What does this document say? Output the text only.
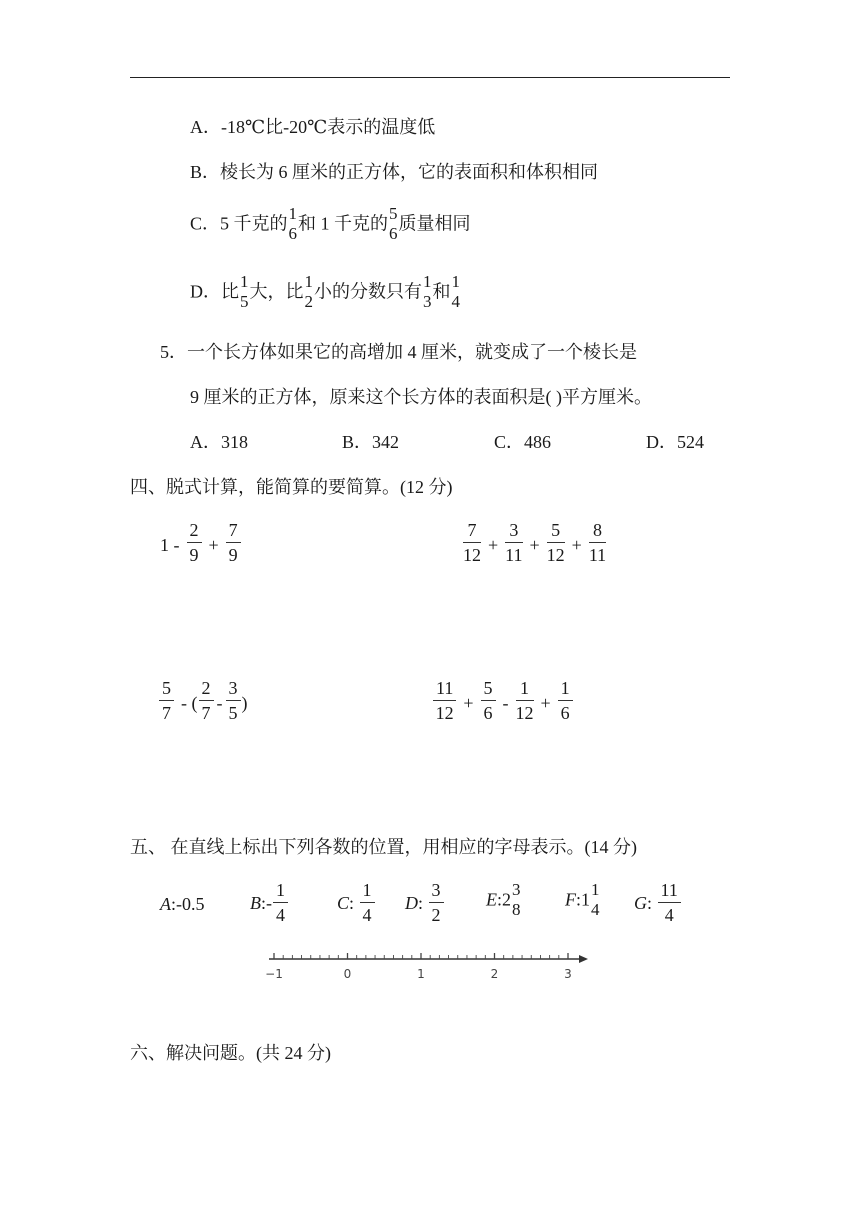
A．-18℃比-20℃表示的温度低
B．棱长为 6 厘米的正方体，它的表面积和体积相同
C．5 千克的
1
6 和 1 千克的
5
6 质量相同
D．比
1
5 大，比
1
2 小的分数只有
1
3 和
1
4
5．一个长方体如果它的高增加 4 厘米，就变成了一个棱长是
9 厘米的正方体，原来这个长方体的表面积是( )平方厘米。
A．318	B．342	C．486	D．524
四、脱式计算，能简算的要简算。(12 分)
$1 - \frac{2}{9} + \frac{7}{9}$	$\frac{7}{12} + \frac{3}{11} + \frac{5}{12} + \frac{8}{11}$
$\frac{5}{7}$ - ( $\frac{2}{7} - \frac{3}{5}$ )	$\frac{11}{12} + \frac{5}{6} - \frac{1}{12} + \frac{1}{6}$
五、 在直线上标出下列各数的位置，用相应的字母表示。(14 分)
A:-0.5	B:- $\frac{1}{4}$	C: $\frac{1}{4} D$: $\frac{3}{2}$ E:2
3
8 F:1
1
4 G: $\frac{11}{4}$
−1	0	1	2	3
六、解决问题。(共 24 分)
